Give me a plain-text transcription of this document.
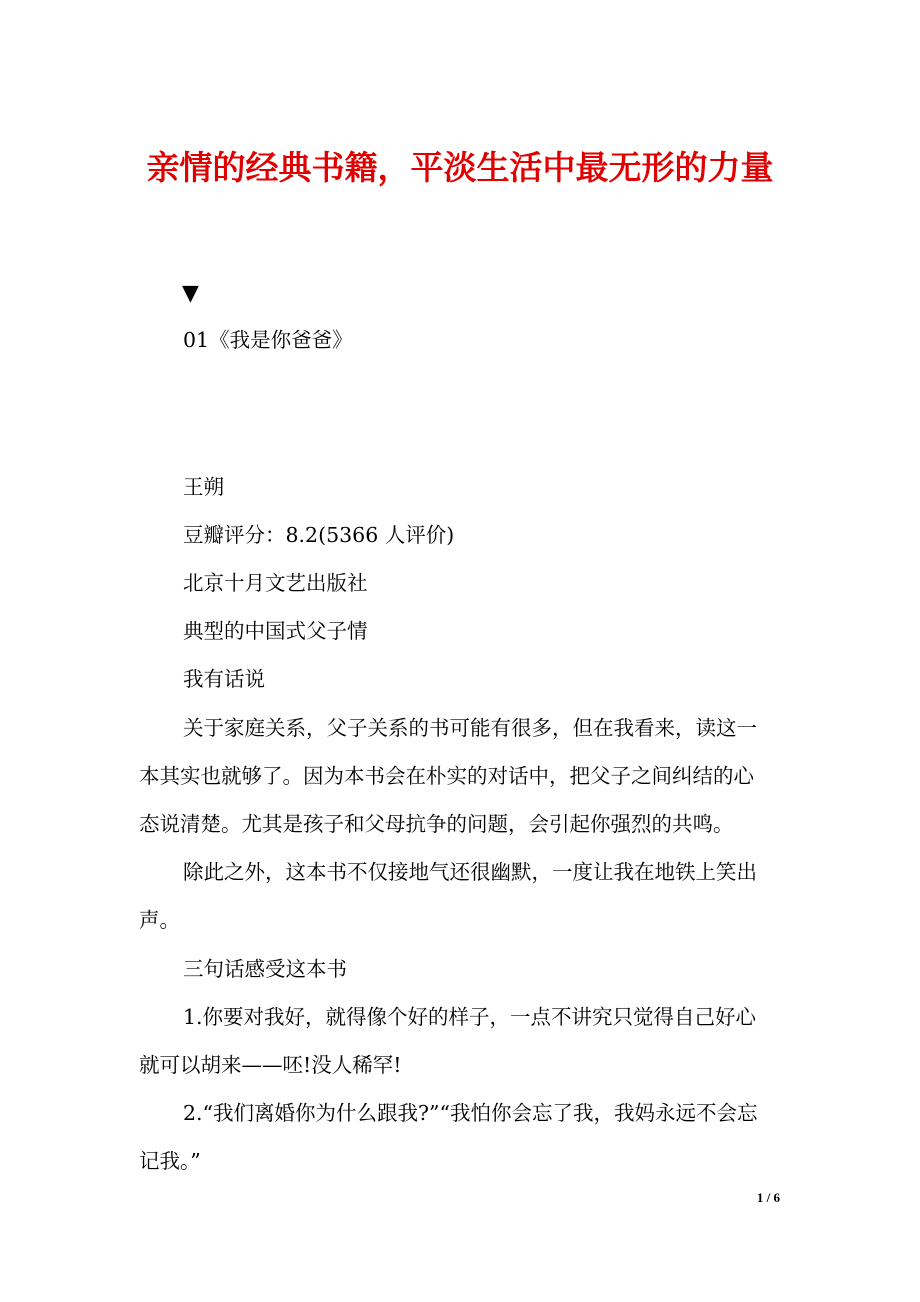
亲情的经典书籍，平淡生活中最无形的力量
▼
01《我是你爸爸》
王朔
豆瓣评分：8.2(5366 人评价)
北京十月文艺出版社
典型的中国式父子情
我有话说
关于家庭关系，父子关系的书可能有很多，但在我看来，读这一
本其实也就够了。因为本书会在朴实的对话中，把父子之间纠结的心
态说清楚。尤其是孩子和父母抗争的问题，会引起你强烈的共鸣。
除此之外，这本书不仅接地气还很幽默，一度让我在地铁上笑出
声。
三句话感受这本书
1.你要对我好，就得像个好的样子，一点不讲究只觉得自己好心
就可以胡来——呸!没人稀罕!
2.“我们离婚你为什么跟我?”“我怕你会忘了我，我妈永远不会忘
记我。”
1 / 6
